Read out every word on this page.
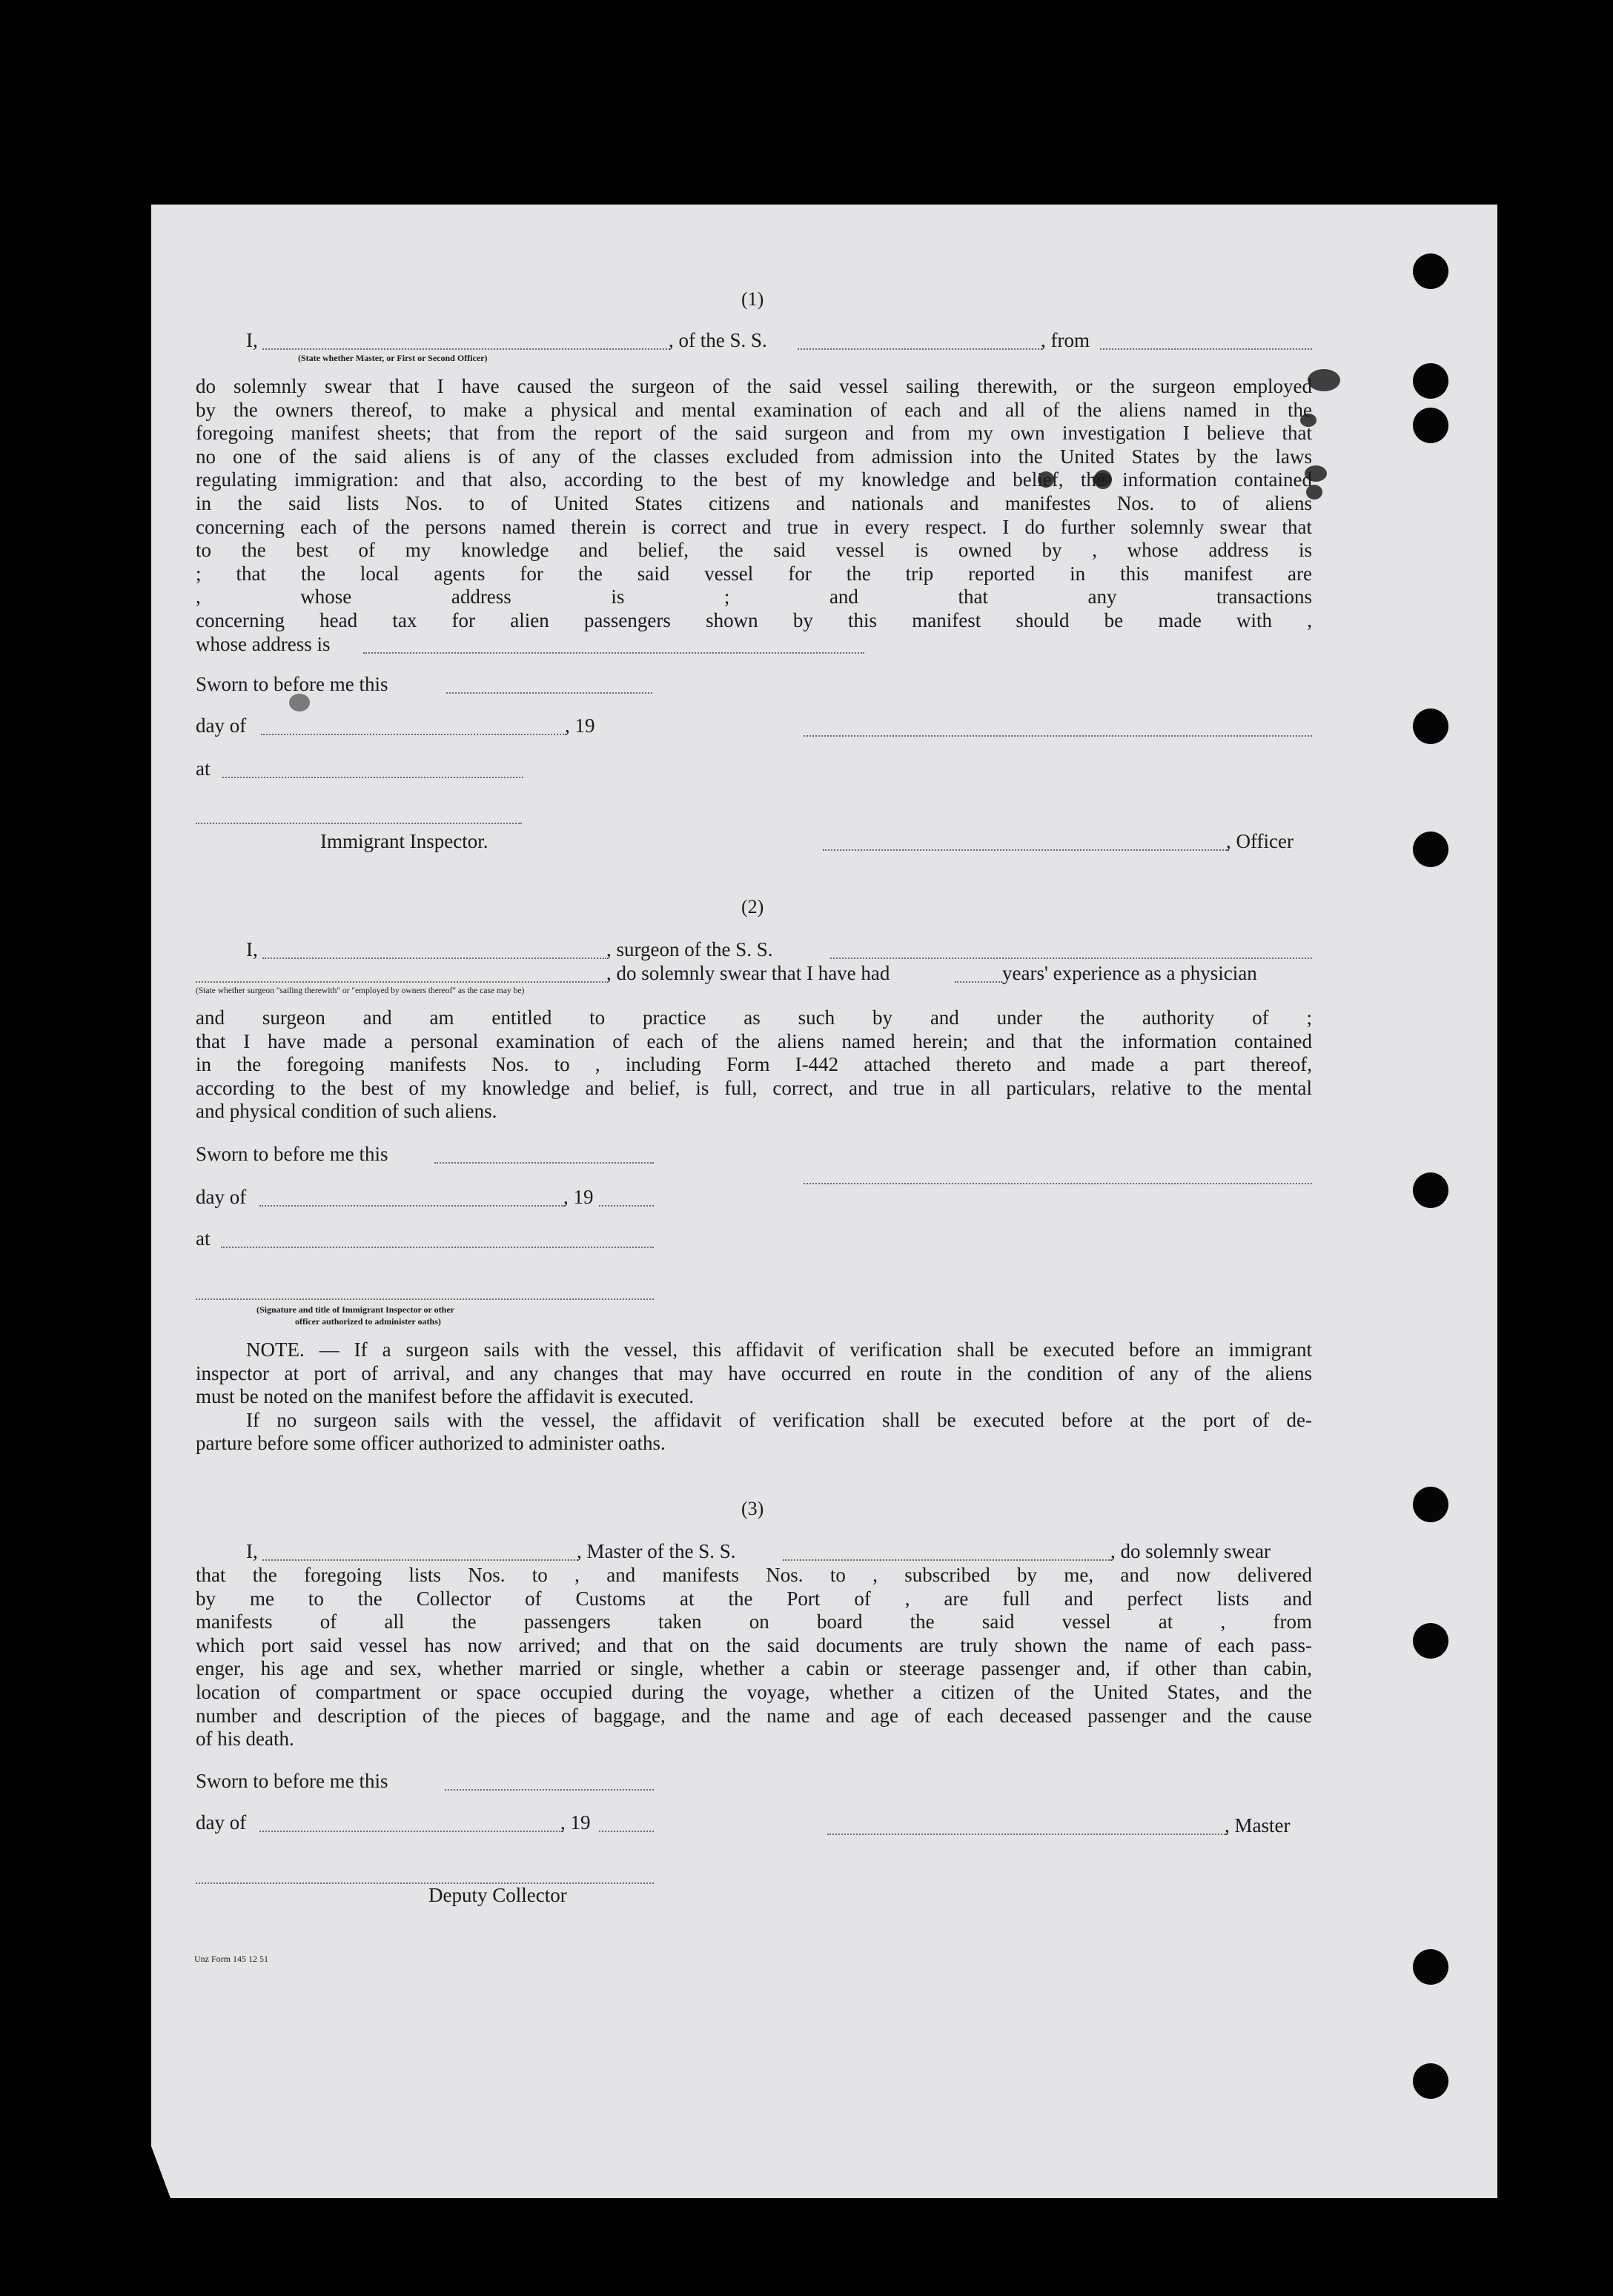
(1)
I,	, of the S. S.	, from
(State whether Master, or First or Second Officer)
do solemnly swear that I have caused the surgeon of the said vessel sailing therewith, or the surgeon employed
by the owners thereof, to make a physical and mental examination of each and all of the aliens named in the
foregoing manifest sheets; that from the report of the said surgeon and from my own investigation I believe that
no one of the said aliens is of any of the classes excluded from admission into the United States by the laws
regulating immigration: and that also, according to the best of my knowledge and belief, the information contained
in the said lists Nos. to of United States citizens and nationals and manifestes Nos. to of aliens
concerning each of the persons named therein is correct and true in every respect. I do further solemnly swear that
to the best of my knowledge and belief, the said vessel is owned by , whose address is
; that the local agents for the said vessel for the trip reported in this manifest are
, whose address is ; and that any transactions
concerning head tax for alien passengers shown by this manifest should be made with ,
whose address is
Sworn to before me this
day of	, 19
at
Immigrant Inspector.	, Officer
(2)
I,	, surgeon of the S. S.
, do solemnly swear that I have had	years' experience as a physician
(State whether surgeon "sailing therewith" or "employed by owners thereof" as the case may be)
and surgeon and am entitled to practice as such by and under the authority of ;
that I have made a personal examination of each of the aliens named herein; and that the information contained
in the foregoing manifests Nos. to , including Form I-442 attached thereto and made a part thereof,
according to the best of my knowledge and belief, is full, correct, and true in all particulars, relative to the mental
and physical condition of such aliens.
Sworn to before me this
day of	, 19
at
(Signature and title of Immigrant Inspector or other
officer authorized to administer oaths)
NOTE. — If a surgeon sails with the vessel, this affidavit of verification shall be executed before an immigrant
inspector at port of arrival, and any changes that may have occurred en route in the condition of any of the aliens
must be noted on the manifest before the affidavit is executed.
If no surgeon sails with the vessel, the affidavit of verification shall be executed before at the port of de-
parture before some officer authorized to administer oaths.
(3)
I,	, Master of the S. S.	, do solemnly swear
that the foregoing lists Nos. to , and manifests Nos. to , subscribed by me, and now delivered
by me to the Collector of Customs at the Port of , are full and perfect lists and
manifests of all the passengers taken on board the said vessel at , from
which port said vessel has now arrived; and that on the said documents are truly shown the name of each pass-
enger, his age and sex, whether married or single, whether a cabin or steerage passenger and, if other than cabin,
location of compartment or space occupied during the voyage, whether a citizen of the United States, and the
number and description of the pieces of baggage, and the name and age of each deceased passenger and the cause
of his death.
Sworn to before me this
day of	, 19	, Master
Deputy Collector
Unz Form 145 12 51
